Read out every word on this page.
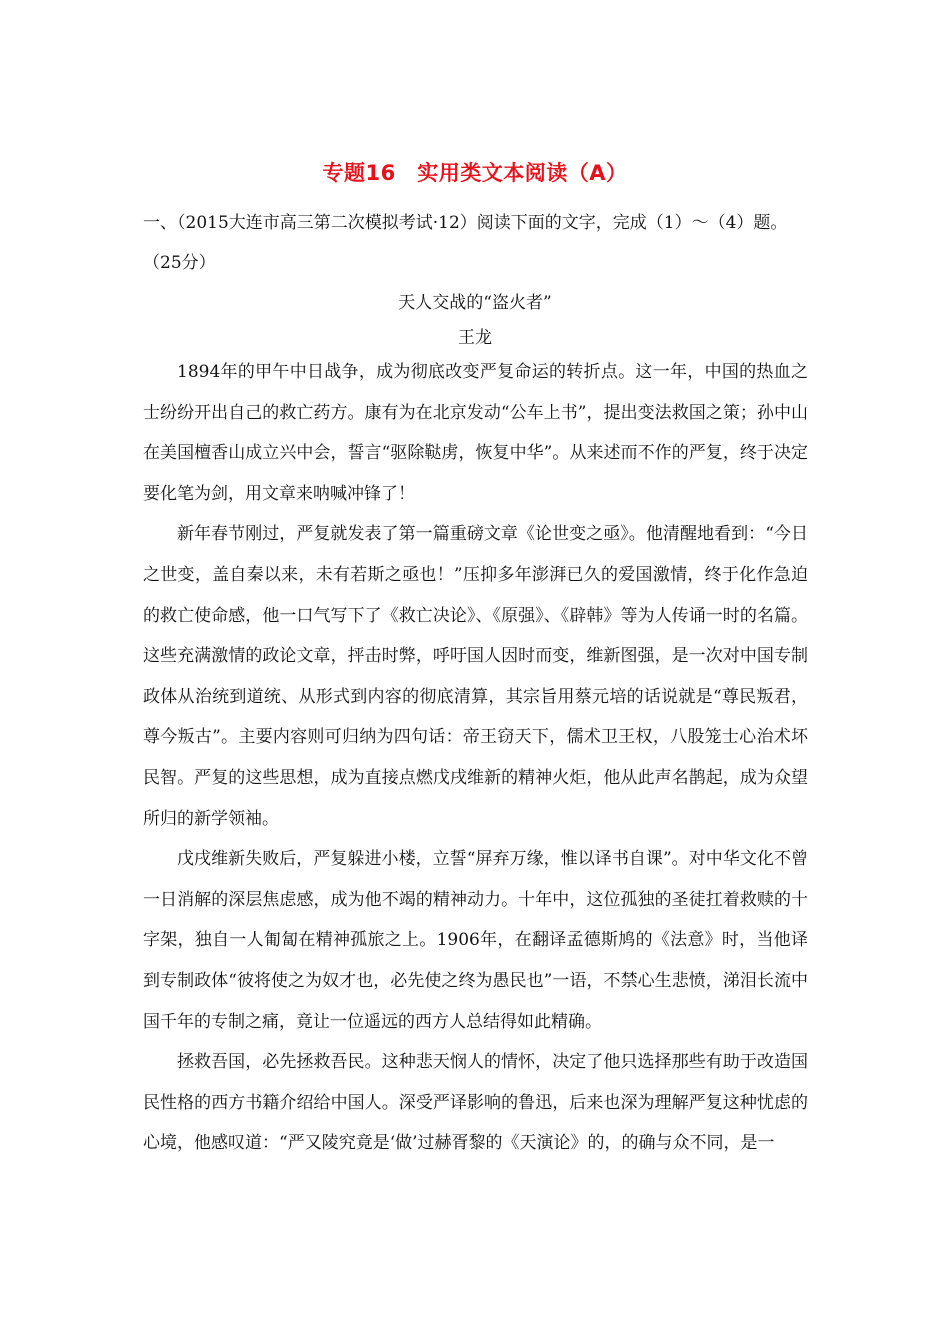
专题16　实用类文本阅读（A）

一、（2015大连市高三第二次模拟考试·12）阅读下面的文字，完成（1）～（4）题。

（25分）

天人交战的“盗火者”
王龙

1894年的甲午中日战争，成为彻底改变严复命运的转折点。这一年，中国的热血之士纷纷开出自己的救亡药方。康有为在北京发动“公车上书”，提出变法救国之策；孙中山在美国檀香山成立兴中会，誓言“驱除鞑虏，恢复中华”。从来述而不作的严复，终于决定要化笔为剑，用文章来呐喊冲锋了！

新年春节刚过，严复就发表了第一篇重磅文章《论世变之亟》。他清醒地看到：“今日之世变，盖自秦以来，未有若斯之亟也！”压抑多年澎湃已久的爱国激情，终于化作急迫的救亡使命感，他一口气写下了《救亡决论》、《原强》、《辟韩》等为人传诵一时的名篇。这些充满激情的政论文章，抨击时弊，呼吁国人因时而变，维新图强，是一次对中国专制政体从治统到道统、从形式到内容的彻底清算，其宗旨用蔡元培的话说就是“尊民叛君，尊今叛古”。主要内容则可归纳为四句话：帝王窃天下，儒术卫王权，八股笼士心治术坏民智。严复的这些思想，成为直接点燃戊戌维新的精神火炬，他从此声名鹊起，成为众望所归的新学领袖。

戊戌维新失败后，严复躲进小楼，立誓“屏弃万缘，惟以译书自课”。对中华文化不曾一日消解的深层焦虑感，成为他不竭的精神动力。十年中，这位孤独的圣徒扛着救赎的十字架，独自一人匍匐在精神孤旅之上。1906年，在翻译孟德斯鸠的《法意》时，当他译到专制政体“彼将使之为奴才也，必先使之终为愚民也”一语，不禁心生悲愤，涕泪长流中国千年的专制之痛，竟让一位遥远的西方人总结得如此精确。

拯救吾国，必先拯救吾民。这种悲天悯人的情怀，决定了他只选择那些有助于改造国民性格的西方书籍介绍给中国人。深受严译影响的鲁迅，后来也深为理解严复这种忧虑的心境，他感叹道：“严又陵究竟是‘做’过赫胥黎的《天演论》的，的确与众不同，是一
